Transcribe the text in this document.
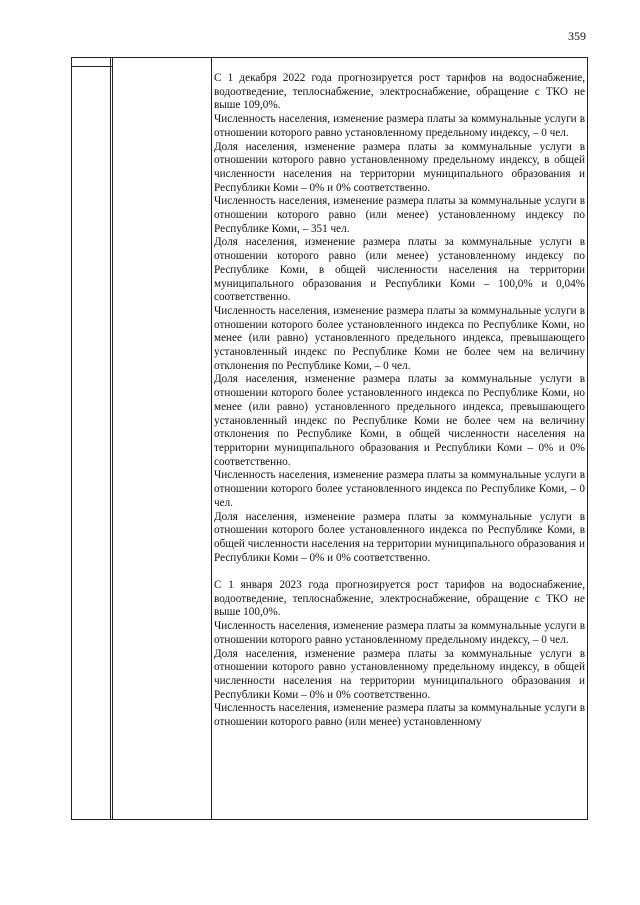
359

С 1 декабря 2022 года прогнозируется рост тарифов на водоснабжение, водоотведение, теплоснабжение, электроснабжение, обращение с ТКО не выше 109,0%.

Численность населения, изменение размера платы за коммунальные услуги в отношении которого равно установленному предельному индексу, – 0 чел.

Доля населения, изменение размера платы за коммунальные услуги в отношении которого равно установленному предельному индексу, в общей численности населения на территории муниципального образования и Республики Коми – 0% и 0% соответственно.

Численность населения, изменение размера платы за коммунальные услуги в отношении которого равно (или менее) установленному индексу по Республике Коми, – 351 чел.

Доля населения, изменение размера платы за коммунальные услуги в отношении которого равно (или менее) установленному индексу по Республике Коми, в общей численности населения на территории муниципального образования и Республики Коми – 100,0% и 0,04% соответственно.

Численность населения, изменение размера платы за коммунальные услуги в отношении которого более установленного индекса по Республике Коми, но менее (или равно) установленного предельного индекса, превышающего установленный индекс по Республике Коми не более чем на величину отклонения по Республике Коми, – 0 чел.

Доля населения, изменение размера платы за коммунальные услуги в отношении которого более установленного индекса по Республике Коми, но менее (или равно) установленного предельного индекса, превышающего установленный индекс по Республике Коми не более чем на величину отклонения по Республике Коми, в общей численности населения на территории муниципального образования и Республики Коми – 0% и 0% соответственно.

Численность населения, изменение размера платы за коммунальные услуги в отношении которого более установленного индекса по Республике Коми, – 0 чел.

Доля населения, изменение размера платы за коммунальные услуги в отношении которого более установленного индекса по Республике Коми, в общей численности населения на территории муниципального образования и Республики Коми – 0% и 0% соответственно.

С 1 января 2023 года прогнозируется рост тарифов на водоснабжение, водоотведение, теплоснабжение, электроснабжение, обращение с ТКО не выше 100,0%.

Численность населения, изменение размера платы за коммунальные услуги в отношении которого равно установленному предельному индексу, – 0 чел.

Доля населения, изменение размера платы за коммунальные услуги в отношении которого равно установленному предельному индексу, в общей численности населения на территории муниципального образования и Республики Коми – 0% и 0% соответственно.

Численность населения, изменение размера платы за коммунальные услуги в отношении которого равно (или менее) установленному
